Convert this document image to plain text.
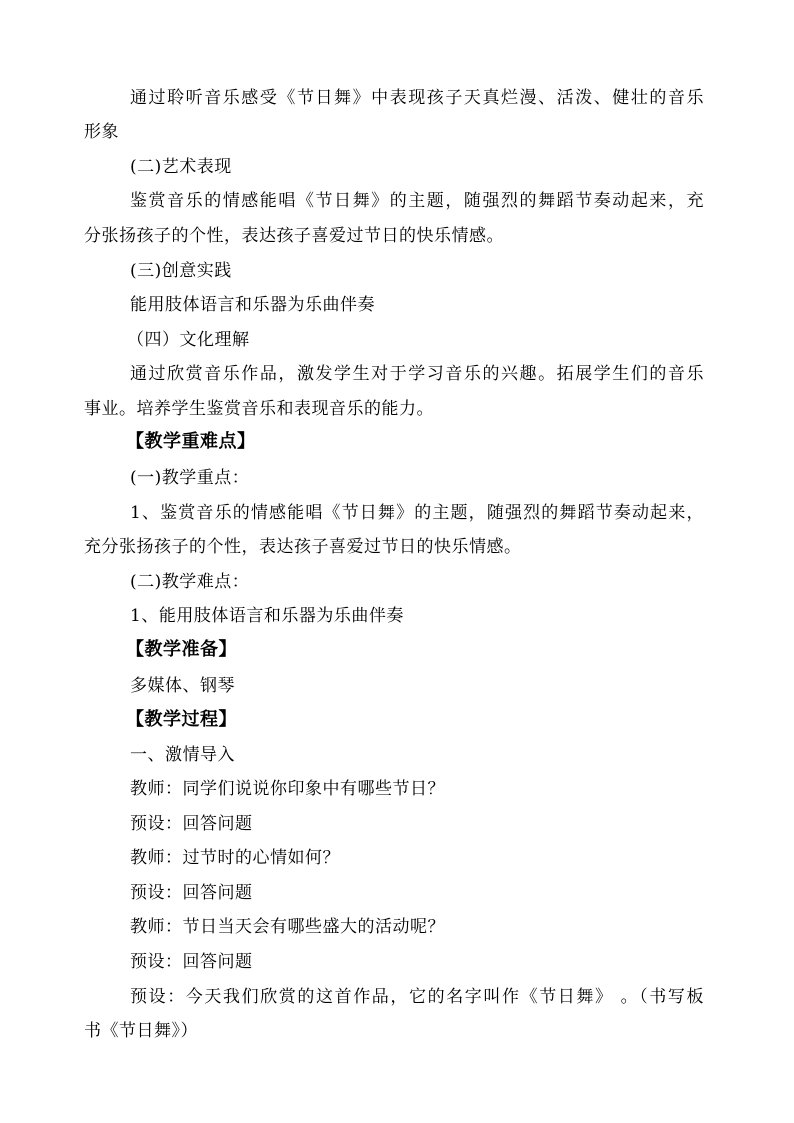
通过聆听音乐感受《节日舞》中表现孩子天真烂漫、活泼、健壮的音乐
形象
(二)艺术表现
鉴赏音乐的情感能唱《节日舞》的主题，随强烈的舞蹈节奏动起来，充
分张扬孩子的个性，表达孩子喜爱过节日的快乐情感。
(三)创意实践
能用肢体语言和乐器为乐曲伴奏
（四）文化理解
通过欣赏音乐作品，激发学生对于学习音乐的兴趣。拓展学生们的音乐
事业。培养学生鉴赏音乐和表现音乐的能力。
【教学重难点】
(一)教学重点：
1、鉴赏音乐的情感能唱《节日舞》的主题，随强烈的舞蹈节奏动起来，
充分张扬孩子的个性，表达孩子喜爱过节日的快乐情感。
(二)教学难点：
1、能用肢体语言和乐器为乐曲伴奏
【教学准备】
多媒体、钢琴
【教学过程】
一、激情导入
教师：同学们说说你印象中有哪些节日？
预设：回答问题
教师：过节时的心情如何？
预设：回答问题
教师：节日当天会有哪些盛大的活动呢？
预设：回答问题
预设：今天我们欣赏的这首作品，它的名字叫作《节日舞》 。（书写板
书《节日舞》）
